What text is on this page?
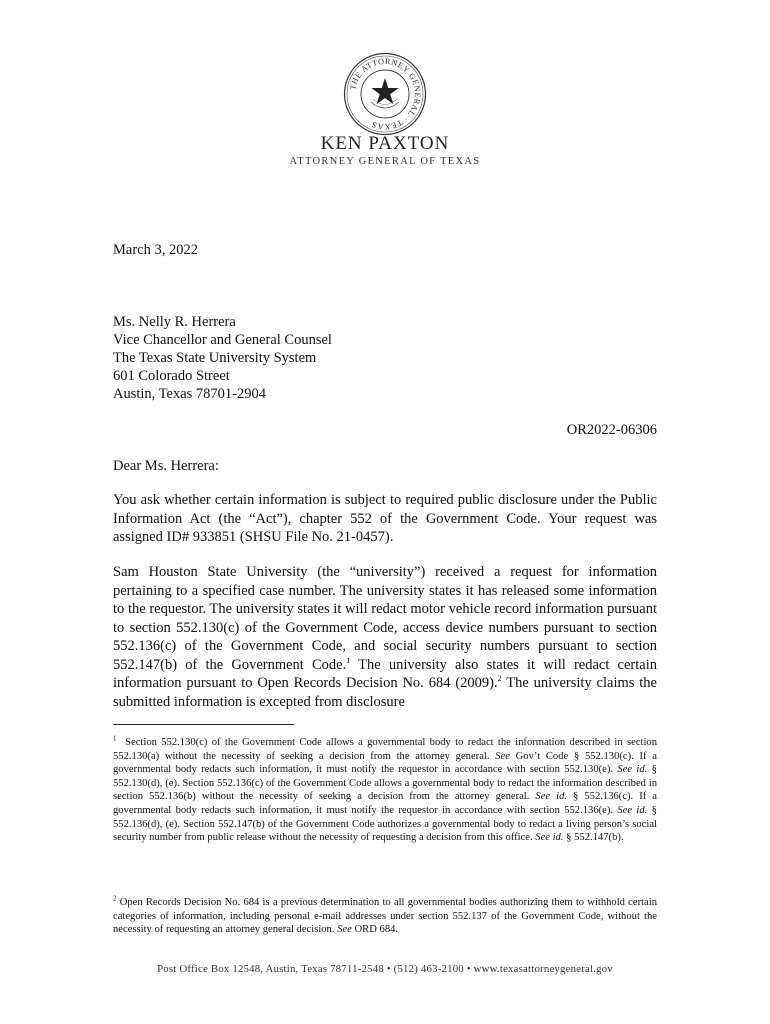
THE ATTORNEY GENERAL · TEXAS
KEN PAXTON
ATTORNEY GENERAL OF TEXAS
March 3, 2022
Ms. Nelly R. Herrera
Vice Chancellor and General Counsel
The Texas State University System
601 Colorado Street
Austin, Texas 78701-2904
OR2022-06306
Dear Ms. Herrera:
You ask whether certain information is subject to required public disclosure under the Public Information Act (the “Act”), chapter 552 of the Government Code. Your request was assigned ID# 933851 (SHSU File No. 21-0457).
Sam Houston State University (the “university”) received a request for information pertaining to a specified case number. The university states it has released some information to the requestor. The university states it will redact motor vehicle record information pursuant to section 552.130(c) of the Government Code, access device numbers pursuant to section 552.136(c) of the Government Code, and social security numbers pursuant to section 552.147(b) of the Government Code.$^1$ The university also states it will redact certain information pursuant to Open Records Decision No. 684 (2009).$^2$ The university claims the submitted information is excepted from disclosure
$^1$ Section 552.130(c) of the Government Code allows a governmental body to redact the information described in section 552.130(a) without the necessity of seeking a decision from the attorney general. See Gov’t Code § 552.130(c). If a governmental body redacts such information, it must notify the requestor in accordance with section 552.130(e). See id. § 552.130(d), (e). Section 552.136(c) of the Government Code allows a governmental body to redact the information described in section 552.136(b) without the necessity of seeking a decision from the attorney general. See id. § 552.136(c). If a governmental body redacts such information, it must notify the requestor in accordance with section 552.136(e). See id. § 552.136(d), (e). Section 552.147(b) of the Government Code authorizes a governmental body to redact a living person’s social security number from public release without the necessity of requesting a decision from this office. See id. § 552.147(b).
$^2$ Open Records Decision No. 684 is a previous determination to all governmental bodies authorizing them to withhold certain categories of information, including personal e-mail addresses under section 552.137 of the Government Code, without the necessity of requesting an attorney general decision. See ORD 684.
Post Office Box 12548, Austin, Texas 78711-2548 • (512) 463-2100 • www.texasattorneygeneral.gov
